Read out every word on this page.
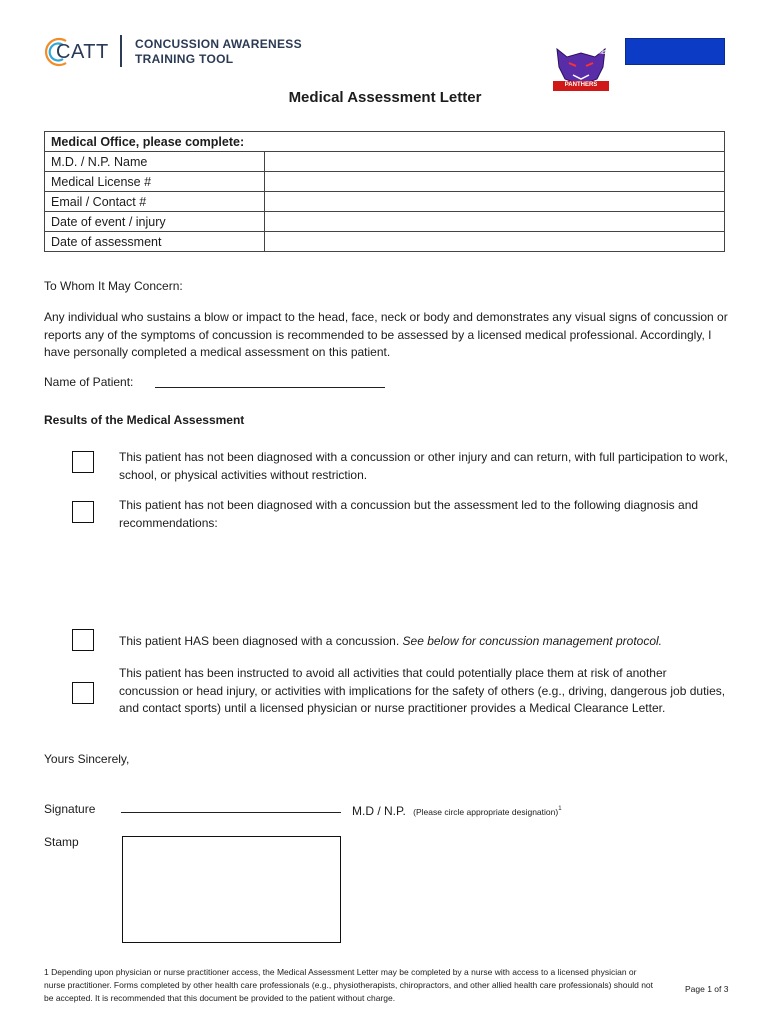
CATT CONCUSSION AWARENESS
TRAINING TOOL	LIONS
PANTHERS
Medical Assessment Letter
Medical Office, please complete:	
M.D. / N.P. Name	
Medical License #	
Email / Contact #	
Date of event / injury	
Date of assessment	
To Whom It May Concern:
Any individual who sustains a blow or impact to the head, face, neck or body and demonstrates any visual signs of concussion or reports any of the symptoms of concussion is recommended to be assessed by a licensed medical professional. Accordingly, I have personally completed a medical assessment on this patient.
Name of Patient:
Results of the Medical Assessment
This patient has not been diagnosed with a concussion or other injury and can return, with full participation to work, school, or physical activities without restriction.
This patient has not been diagnosed with a concussion but the assessment led to the following diagnosis and recommendations:
This patient HAS been diagnosed with a concussion. See below for concussion management protocol.
This patient has been instructed to avoid all activities that could potentially place them at risk of another concussion or head injury, or activities with implications for the safety of others (e.g., driving, dangerous job duties, and contact sports) until a licensed physician or nurse practitioner provides a Medical Clearance Letter.
Yours Sincerely,
Signature	M.D / N.P. (Please circle appropriate designation)$^1$
Stamp
1 Depending upon physician or nurse practitioner access, the Medical Assessment Letter may be completed by a nurse with access to a licensed physician or nurse practitioner. Forms completed by other health care professionals (e.g., physiotherapists, chiropractors, and other allied health care professionals) should not be accepted. It is recommended that this document be provided to the patient without charge.
Page 1 of 3
